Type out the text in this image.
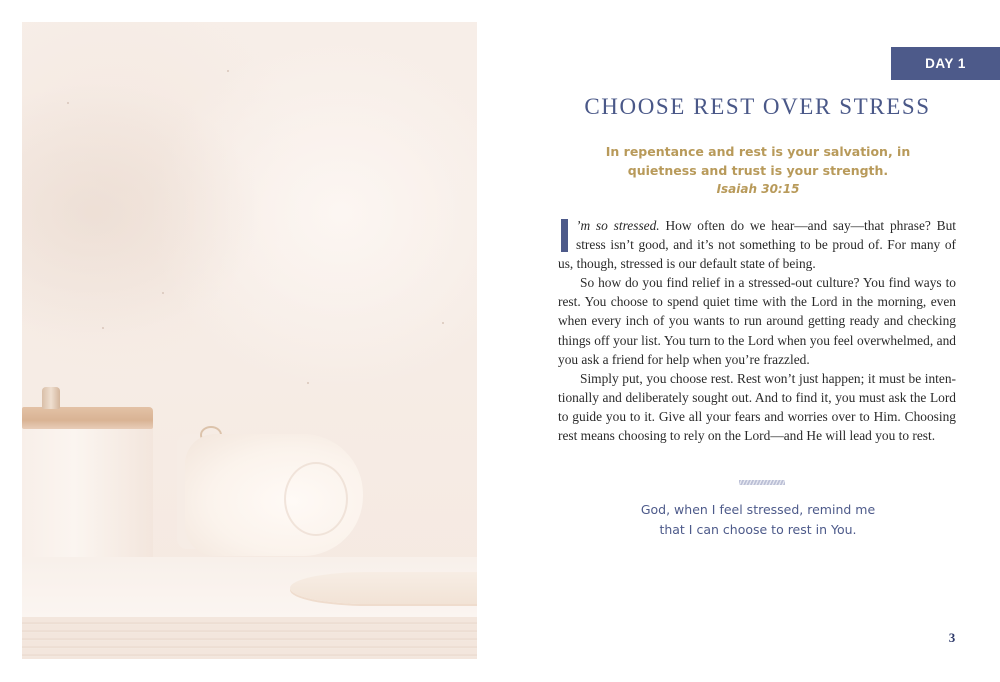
DAY 1
CHOOSE REST OVER STRESS
In repentance and rest is your salvation, in
quietness and trust is your strength.
Isaiah 30:15

’m so stressed. How often do we hear—and say—that phrase? But stress isn’t good, and it’s not something to be proud of. For many of us, though, stressed is our default state of being.

So how do you find relief in a stressed-out culture? You find ways to rest. You choose to spend quiet time with the Lord in the morning, even when every inch of you wants to run around getting ready and checking things off your list. You turn to the Lord when you feel overwhelmed, and you ask a friend for help when you’re frazzled.

Simply put, you choose rest. Rest won’t just happen; it must be intentionally and deliberately sought out. And to find it, you must ask the Lord to guide you to it. Give all your fears and worries over to Him. Choosing rest means choosing to rely on the Lord—and He will lead you to rest.

God, when I feel stressed, remind me
that I can choose to rest in You.
3
